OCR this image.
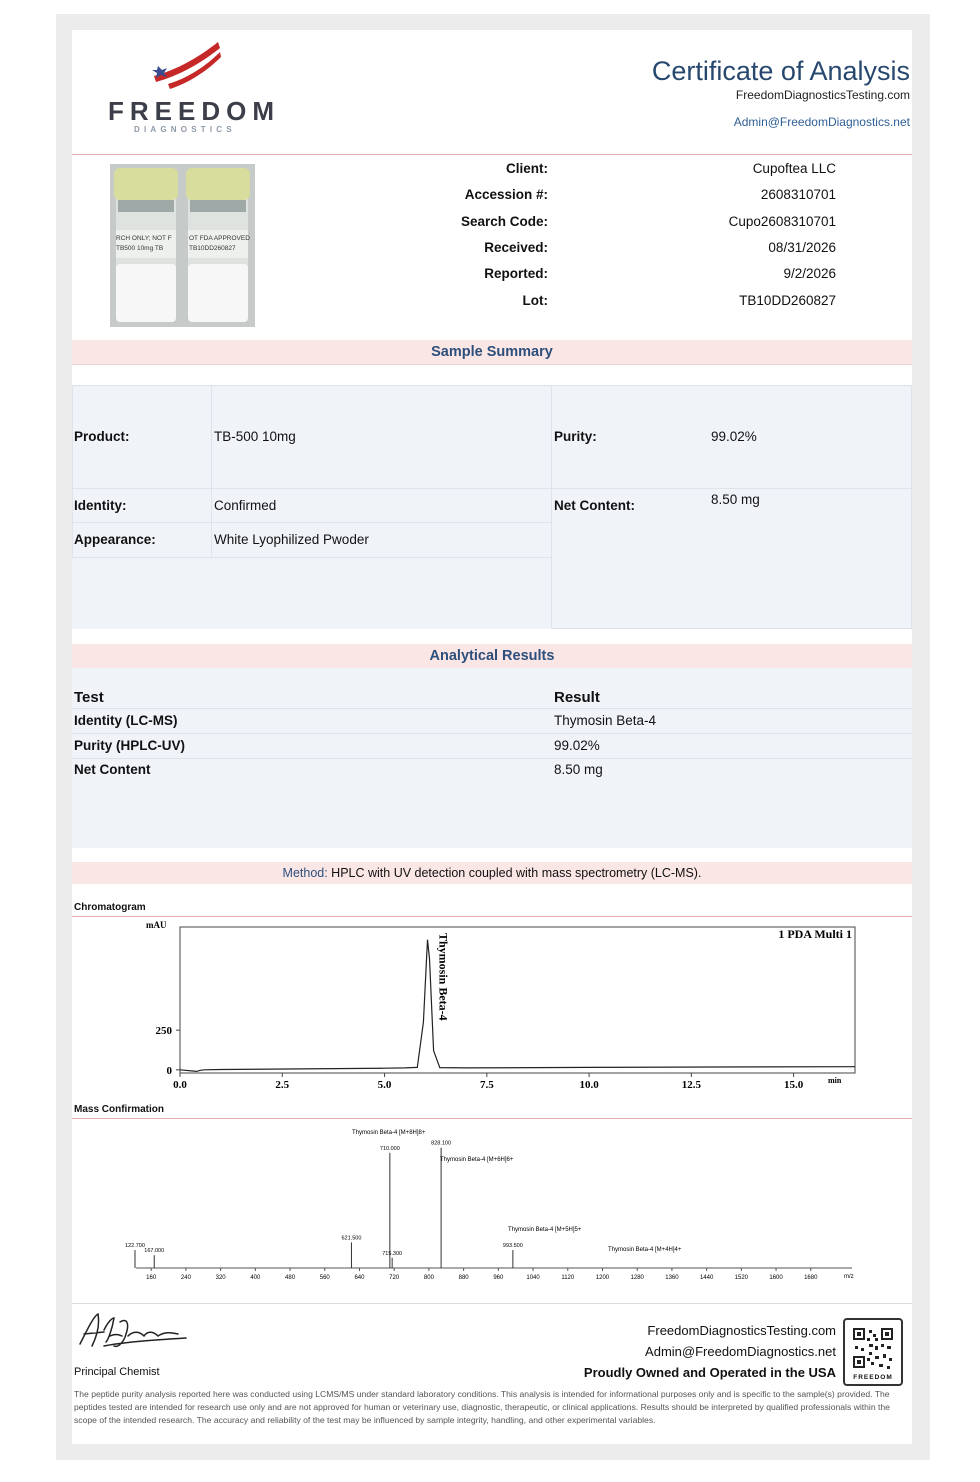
FREEDOM
DIAGNOSTICS
Certificate of Analysis
FreedomDiagnosticsTesting.com
Admin@FreedomDiagnostics.net
RCH ONLY; NOT F
TB500 10mg TB
OT FDA APPROVED
TB10DD260827
Client:	Cupoftea LLC
Accession #:	2608310701
Search Code:	Cupo2608310701
Received:	08/31/2026
Reported:	9/2/2026
Lot:	TB10DD260827
Sample Summary
Product:	TB-500 10mg	Purity:	99.02%
Identity:	Confirmed	Net Content:	8.50 mg
Appearance:	White Lyophilized Pwoder
Analytical Results
Test	Result
Identity (LC-MS)	Thymosin Beta-4
Purity (HPLC-UV)	99.02%
Net Content	8.50 mg
Method: HPLC with UV detection coupled with mass spectrometry (LC-MS).
Chromatogram
mAU
min
1 PDA Multi 1
0.0	2.5	5.0	7.5	10.0	12.5	15.0
0
250
Thymosin Beta-4
Mass Confirmation
m/z
160	240	320	400	480	560	640	720	800	880	960	1040	1120	1200	1280	1360	1440	1520	1600	1680
122.700
167.000
621.500
710.000
715.300
828.100
993.500
Thymosin Beta-4 [M+8H]8+
Thymosin Beta-4 [M+6H]6+
Thymosin Beta-4 [M+5H]5+
Thymosin Beta-4 [M+4H]4+
Principal Chemist
FreedomDiagnosticsTesting.com
Admin@FreedomDiagnostics.net
Proudly Owned and Operated in the USA	FREEDOM
The peptide purity analysis reported here was conducted using LCMS/MS under standard laboratory conditions. This analysis is intended for informational purposes only and is specific to the sample(s) provided. The peptides tested are intended for research use only and are not approved for human or veterinary use, diagnostic, therapeutic, or clinical applications. Results should be interpreted by qualified professionals within the scope of the intended research. The accuracy and reliability of the test may be influenced by sample integrity, handling, and other experimental variables.
